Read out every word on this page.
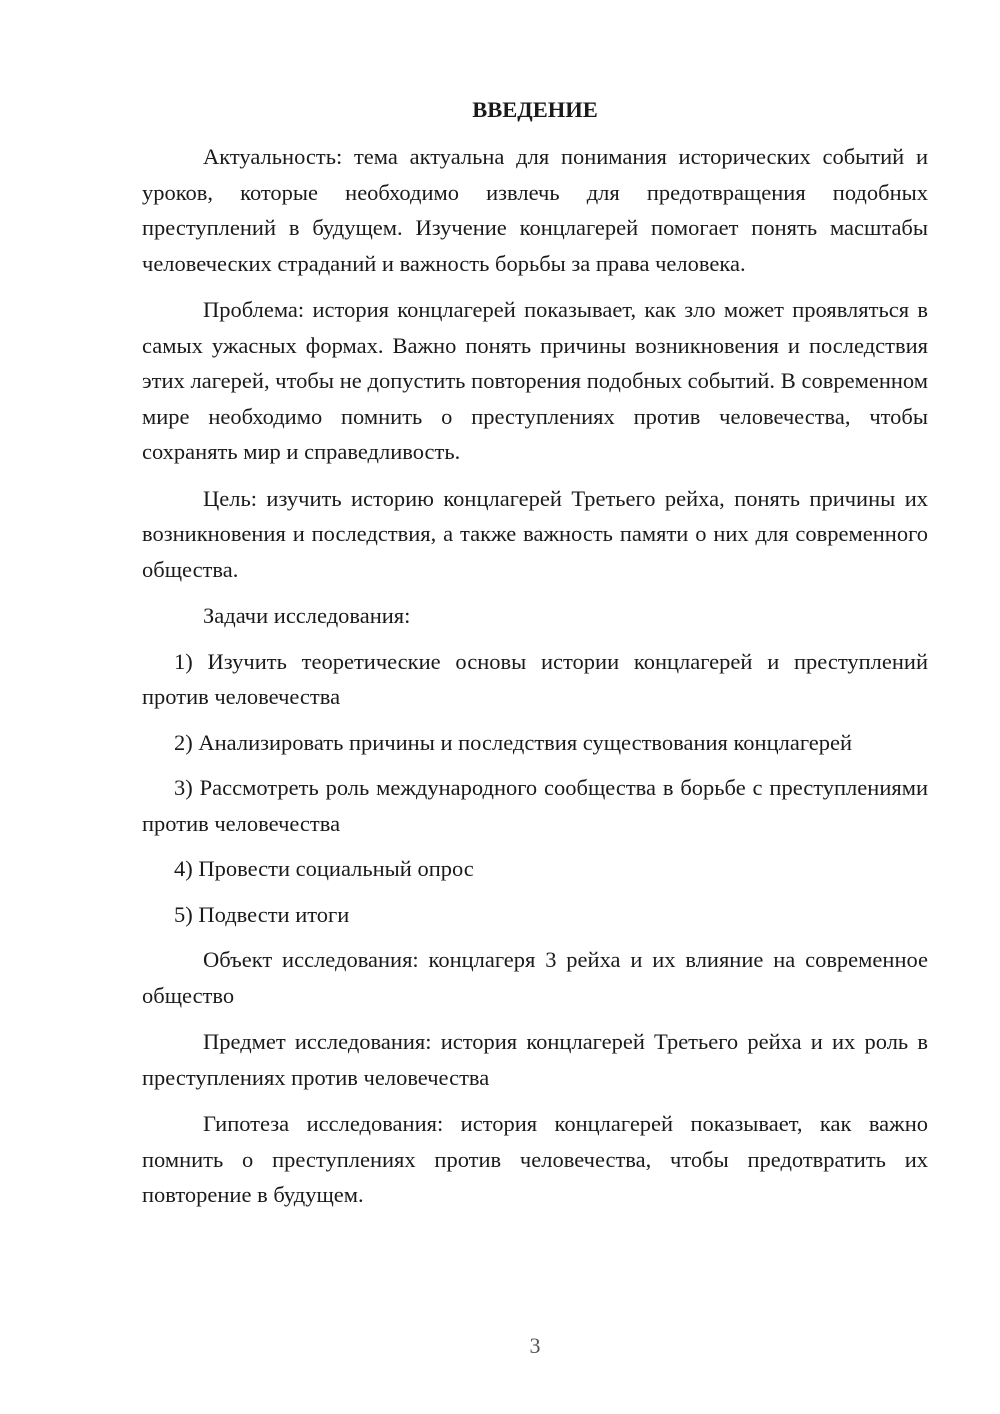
ВВЕДЕНИЕ

Актуальность: тема актуальна для понимания исторических событий и уроков, которые необходимо извлечь для предотвращения подобных преступлений в будущем. Изучение концлагерей помогает понять масштабы человеческих страданий и важность борьбы за права человека.

Проблема: история концлагерей показывает, как зло может проявляться в самых ужасных формах. Важно понять причины возникновения и последствия этих лагерей, чтобы не допустить повторения подобных событий. В современном мире необходимо помнить о преступлениях против человечества, чтобы сохранять мир и справедливость.

Цель: изучить историю концлагерей Третьего рейха, понять причины их возникновения и последствия, а также важность памяти о них для современного общества.

Задачи исследования:

1) Изучить теоретические основы истории концлагерей и преступлений против человечества

2) Анализировать причины и последствия существования концлагерей

3) Рассмотреть роль международного сообщества в борьбе с преступлениями против человечества

4) Провести социальный опрос

5) Подвести итоги

Объект исследования: концлагеря 3 рейха и их влияние на современное общество

Предмет исследования: история концлагерей Третьего рейха и их роль в преступлениях против человечества

Гипотеза исследования: история концлагерей показывает, как важно помнить о преступлениях против человечества, чтобы предотвратить их повторение в будущем.

3
